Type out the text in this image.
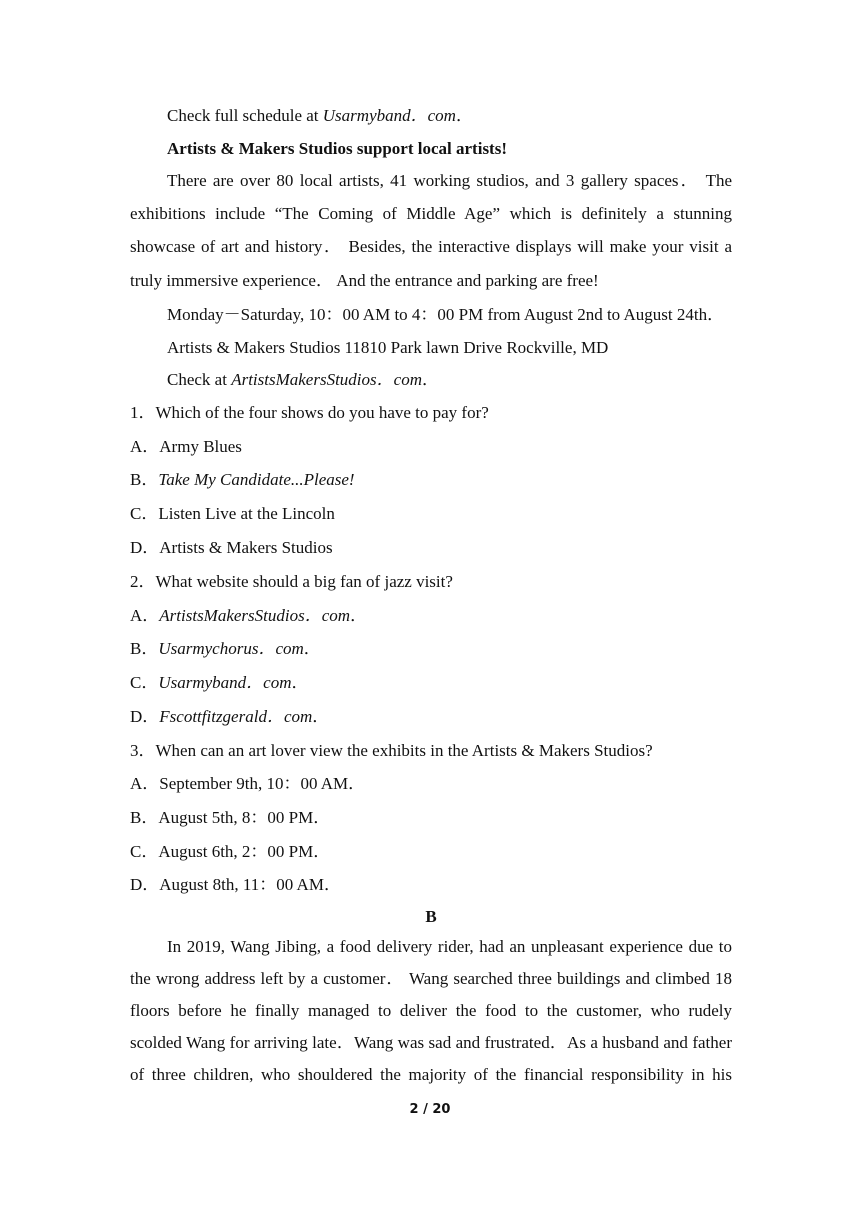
Check full schedule at Usarmyband．com．
Artists & Makers Studios support local artists!
There are over 80 local artists, 41 working studios, and 3 gallery spaces． The
exhibitions include “The Coming of Middle Age” which is definitely a stunning
showcase of art and history． Besides, the interactive displays will make your visit a
truly immersive experience． And the entrance and parking are free!
Monday－Saturday, 10：00 AM to 4：00 PM from August 2nd to August 24th．
Artists & Makers Studios 11810 Park lawn Drive Rockville, MD
Check at ArtistsMakersStudios．com．
1．Which of the four shows do you have to pay for?
A．Army Blues
B．Take My Candidate...Please!
C．Listen Live at the Lincoln
D．Artists & Makers Studios
2．What website should a big fan of jazz visit?
A．ArtistsMakersStudios．com．
B．Usarmychorus．com．
C．Usarmyband．com．
D．Fscottfitzgerald．com．
3．When can an art lover view the exhibits in the Artists & Makers Studios?
A．September 9th, 10：00 AM．
B．August 5th, 8：00 PM．
C．August 6th, 2：00 PM．
D．August 8th, 11：00 AM．
B
In 2019, Wang Jibing, a food delivery rider, had an unpleasant experience due to
the wrong address left by a customer． Wang searched three buildings and climbed 18
floors before he finally managed to deliver the food to the customer, who rudely
scolded Wang for arriving late．Wang was sad and frustrated．As a husband and father
of three children, who shouldered the majority of the financial responsibility in his
2 / 20
